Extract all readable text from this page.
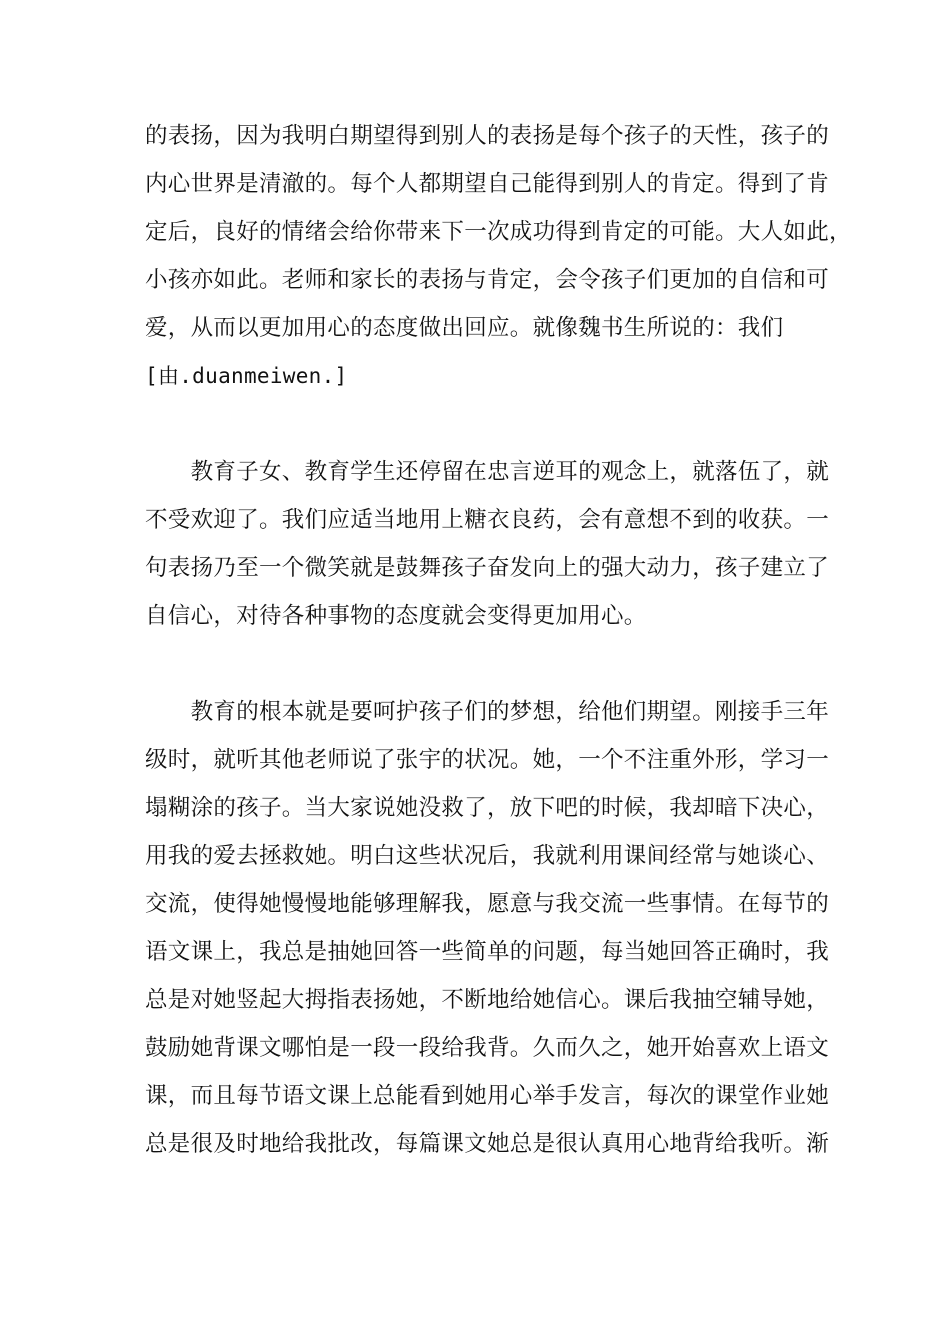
的表扬，因为我明白期望得到别人的表扬是每个孩子的天性，孩子的
内心世界是清澈的。每个人都期望自己能得到别人的肯定。得到了肯
定后，良好的情绪会给你带来下一次成功得到肯定的可能。大人如此，
小孩亦如此。老师和家长的表扬与肯定，会令孩子们更加的自信和可
爱，从而以更加用心的态度做出回应。就像魏书生所说的：我们
[由.duanmeiwen.]
　　教育子女、教育学生还停留在忠言逆耳的观念上，就落伍了，就
不受欢迎了。我们应适当地用上糖衣良药，会有意想不到的收获。一
句表扬乃至一个微笑就是鼓舞孩子奋发向上的强大动力，孩子建立了
自信心，对待各种事物的态度就会变得更加用心。
　　教育的根本就是要呵护孩子们的梦想，给他们期望。刚接手三年
级时，就听其他老师说了张宇的状况。她，一个不注重外形，学习一
塌糊涂的孩子。当大家说她没救了，放下吧的时候，我却暗下决心，
用我的爱去拯救她。明白这些状况后，我就利用课间经常与她谈心、
交流，使得她慢慢地能够理解我，愿意与我交流一些事情。在每节的
语文课上，我总是抽她回答一些简单的问题，每当她回答正确时，我
总是对她竖起大拇指表扬她，不断地给她信心。课后我抽空辅导她，
鼓励她背课文哪怕是一段一段给我背。久而久之，她开始喜欢上语文
课，而且每节语文课上总能看到她用心举手发言，每次的课堂作业她
总是很及时地给我批改，每篇课文她总是很认真用心地背给我听。渐
